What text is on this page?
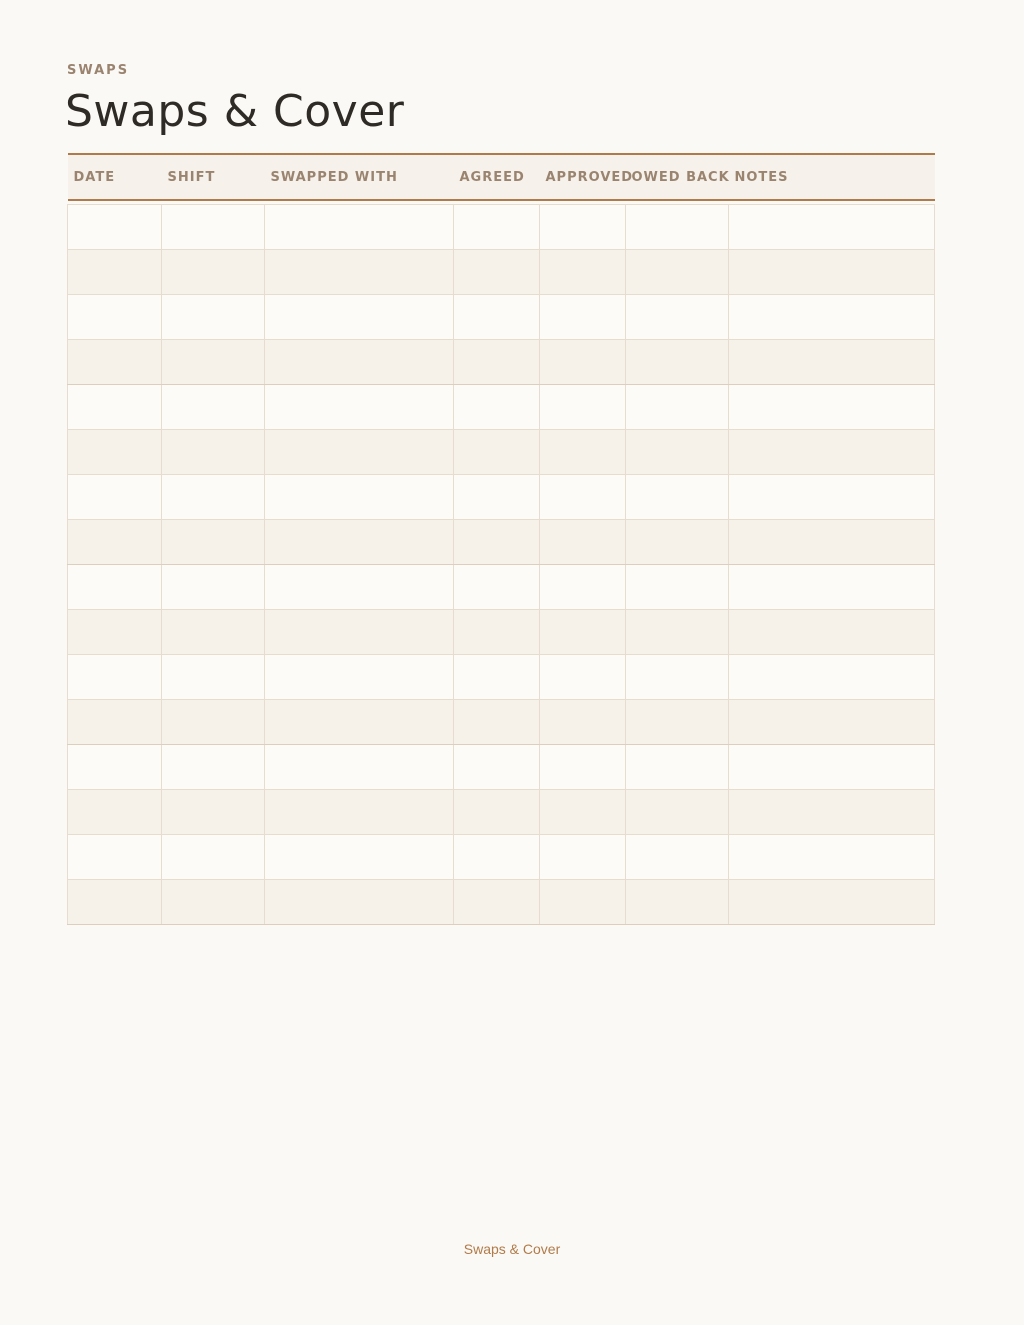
SWAPS
Swaps & Cover
DATE	SHIFT	SWAPPED WITH	AGREED	APPROVED	OWED BACK	NOTES

Swaps & Cover
